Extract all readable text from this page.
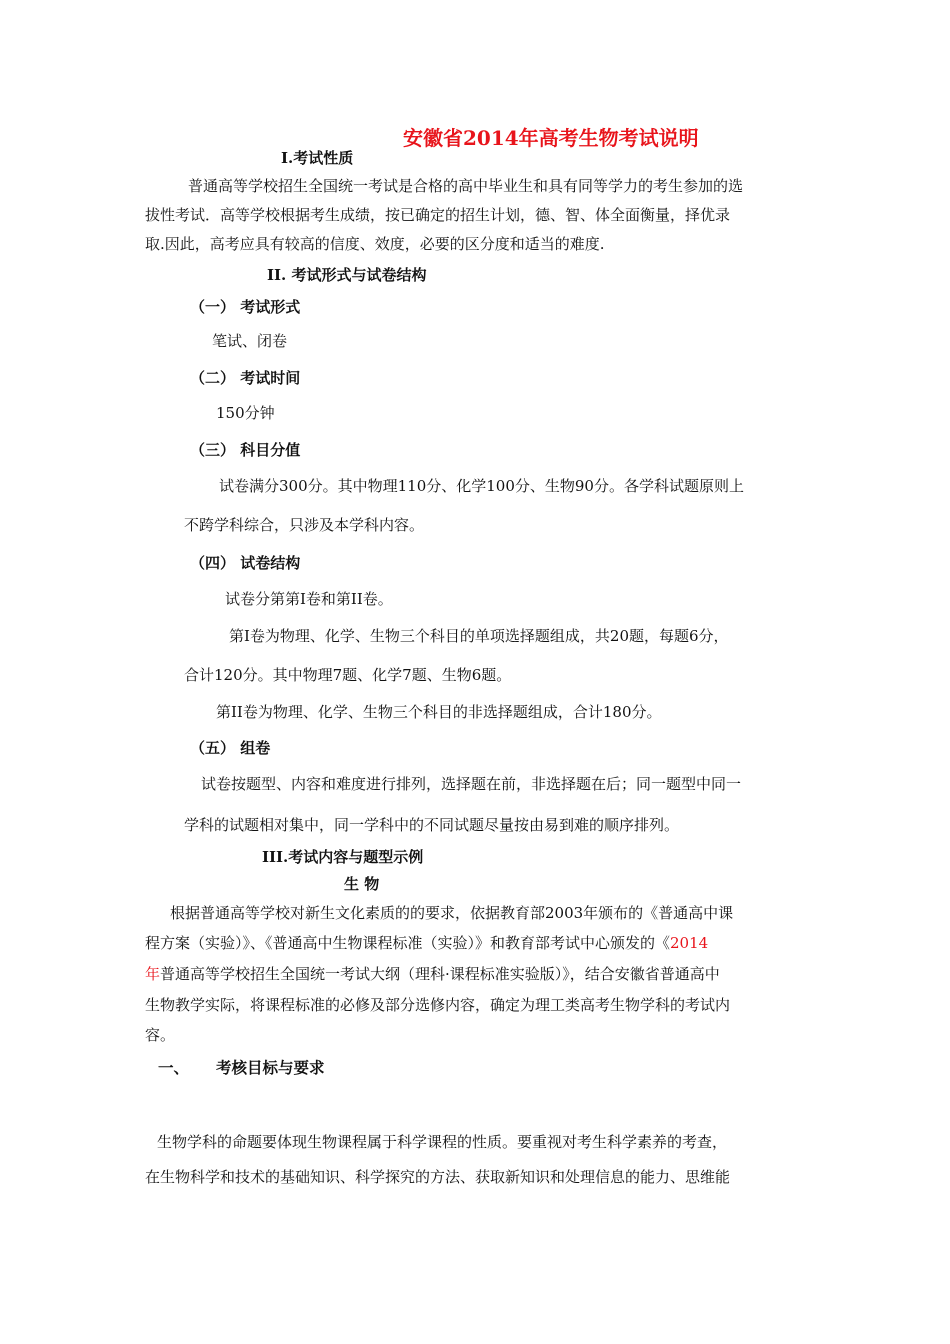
安徽省2014年高考生物考试说明
I.考试性质
普通高等学校招生全国统一考试是合格的高中毕业生和具有同等学力的考生参加的选
拔性考试．高等学校根据考生成绩，按已确定的招生计划，德、智、体全面衡量，择优录
取.因此，高考应具有较高的信度、效度，必要的区分度和适当的难度.
II. 考试形式与试卷结构
（一） 考试形式
笔试、闭卷
（二） 考试时间
150分钟
（三） 科目分值
试卷满分300分。其中物理110分、化学100分、生物90分。各学科试题原则上
不跨学科综合，只涉及本学科内容。
（四） 试卷结构
试卷分第第I卷和第II卷。
第I卷为物理、化学、生物三个科目的单项选择题组成，共20题，每题6分，
合计120分。其中物理7题、化学7题、生物6题。
第II卷为物理、化学、生物三个科目的非选择题组成，合计180分。
（五） 组卷
试卷按题型、内容和难度进行排列，选择题在前，非选择题在后；同一题型中同一
学科的试题相对集中，同一学科中的不同试题尽量按由易到难的顺序排列。
III.考试内容与题型示例
生 物
根据普通高等学校对新生文化素质的的要求，依据教育部2003年颁布的《普通高中课
程方案（实验）》、《普通高中生物课程标准（实验）》和教育部考试中心颁发的《2014
年普通高等学校招生全国统一考试大纲（理科·课程标准实验版）》，结合安徽省普通高中
生物教学实际，将课程标准的必修及部分选修内容，确定为理工类高考生物学科的考试内
容。
一、 考核目标与要求
生物学科的命题要体现生物课程属于科学课程的性质。要重视对考生科学素养的考查，
在生物科学和技术的基础知识、科学探究的方法、获取新知识和处理信息的能力、思维能
